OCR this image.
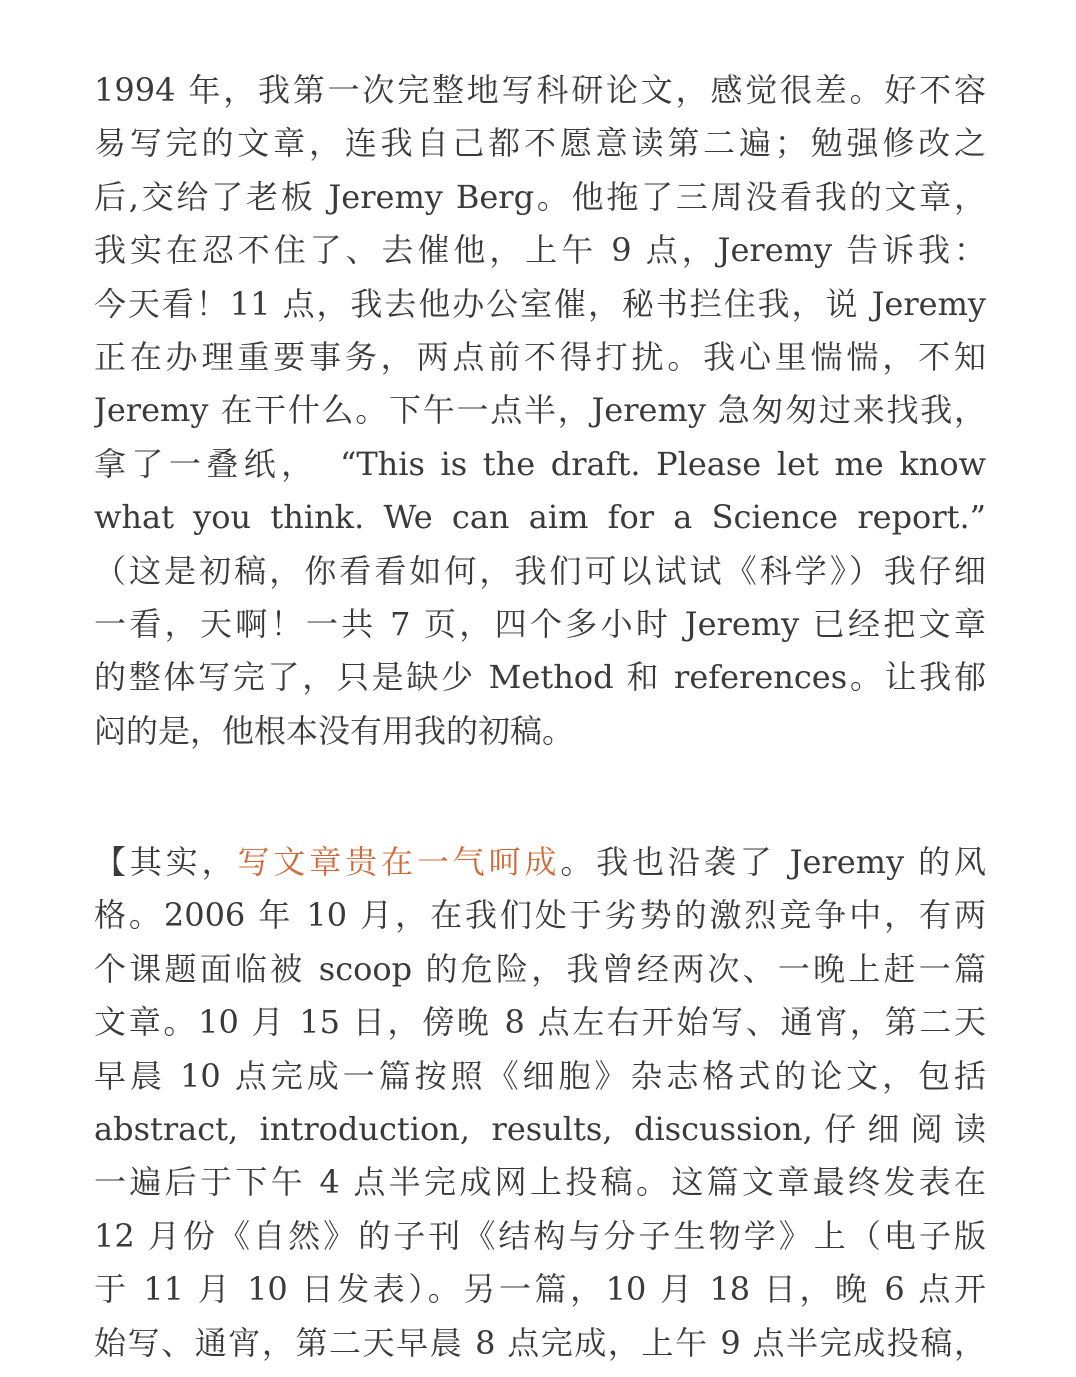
1994 年，我第一次完整地写科研论文，感觉很差。好不容
易写完的文章，连我自己都不愿意读第二遍；勉强修改之
后,交给了老板 Jeremy Berg。他拖了三周没看我的文章，
我实在忍不住了、去催他，上午 9 点，Jeremy 告诉我：
今天看！11 点，我去他办公室催，秘书拦住我，说 Jeremy
正在办理重要事务，两点前不得打扰。我心里惴惴，不知
Jeremy 在干什么。下午一点半，Jeremy 急匆匆过来找我，
拿了一叠纸，　“This is the draft. Please let me know
what you think. We can aim for a Science report.”
（这是初稿，你看看如何，我们可以试试《科学》）我仔细
一看，天啊！一共 7 页，四个多小时 Jeremy 已经把文章
的整体写完了，只是缺少 Method 和 references。让我郁
闷的是，他根本没有用我的初稿。
【其实，写文章贵在一气呵成。我也沿袭了 Jeremy 的风
格。2006 年 10 月，在我们处于劣势的激烈竞争中，有两
个课题面临被 scoop 的危险，我曾经两次、一晚上赶一篇
文章。10 月 15 日，傍晚 8 点左右开始写、通宵，第二天
早晨 10 点完成一篇按照《细胞》杂志格式的论文，包括
abstract, introduction, results, discussion,仔细阅读
一遍后于下午 4 点半完成网上投稿。这篇文章最终发表在
12 月份《自然》的子刊《结构与分子生物学》上（电子版
于 11 月 10 日发表）。另一篇，10 月 18 日，晚 6 点开
始写、通宵，第二天早晨 8 点完成，上午 9 点半完成投稿，
